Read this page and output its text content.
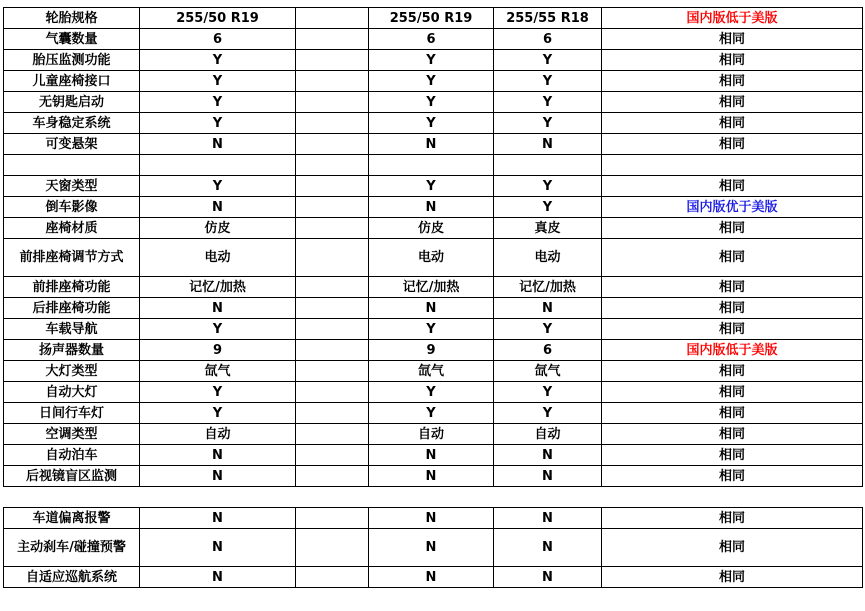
轮胎规格	255/50 R19		255/50 R19	255/55 R18	国内版低于美版
气囊数量	6		6	6	相同
胎压监测功能	Y		Y	Y	相同
儿童座椅接口	Y		Y	Y	相同
无钥匙启动	Y		Y	Y	相同
车身稳定系统	Y		Y	Y	相同
可变悬架	N		N	N	相同

天窗类型	Y		Y	Y	相同
倒车影像	N		N	Y	国内版优于美版
座椅材质	仿皮		仿皮	真皮	相同
前排座椅调节方式	电动		电动	电动	相同
前排座椅功能	记忆/加热		记忆/加热	记忆/加热	相同
后排座椅功能	N		N	N	相同
车载导航	Y		Y	Y	相同
扬声器数量	9		9	6	国内版低于美版
大灯类型	氙气		氙气	氙气	相同
自动大灯	Y		Y	Y	相同
日间行车灯	Y		Y	Y	相同
空调类型	自动		自动	自动	相同
自动泊车	N		N	N	相同
后视镜盲区监测	N		N	N	相同

车道偏离报警	N		N	N	相同
主动刹车/碰撞预警	N		N	N	相同
自适应巡航系统	N		N	N	相同
